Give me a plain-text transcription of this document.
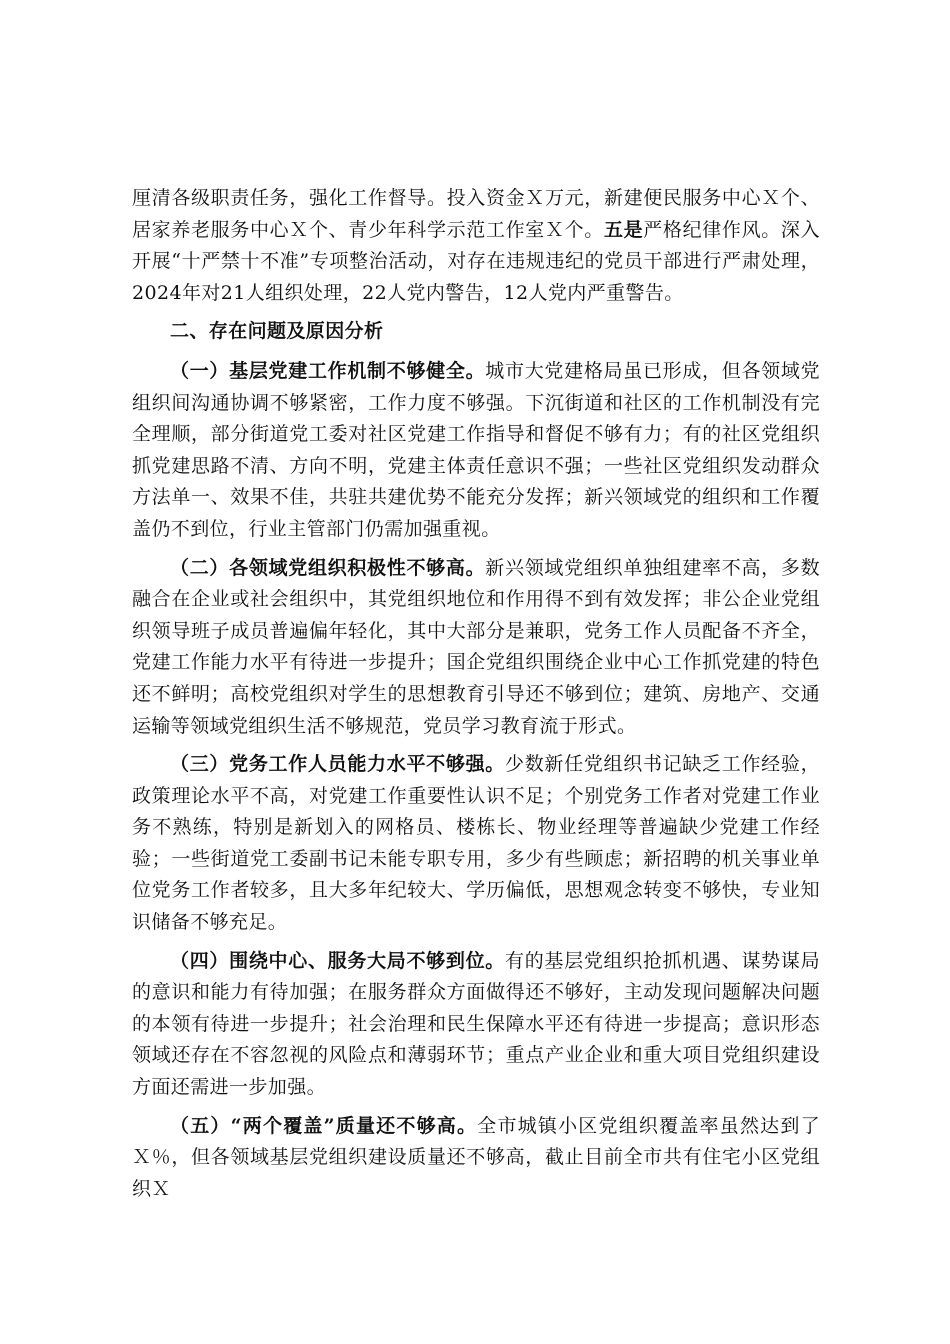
厘清各级职责任务，强化工作督导。投入资金Ｘ万元，新建便民服务中心Ｘ个、居家养老服务中心Ｘ个、青少年科学示范工作室Ｘ个。五是严格纪律作风。深入开展“十严禁十不准”专项整治活动，对存在违规违纪的党员干部进行严肃处理，2024年对21人组织处理，22人党内警告，12人党内严重警告。

二、存在问题及原因分析

（一）基层党建工作机制不够健全。城市大党建格局虽已形成，但各领域党组织间沟通协调不够紧密，工作力度不够强。下沉街道和社区的工作机制没有完全理顺，部分街道党工委对社区党建工作指导和督促不够有力；有的社区党组织抓党建思路不清、方向不明，党建主体责任意识不强；一些社区党组织发动群众方法单一、效果不佳，共驻共建优势不能充分发挥；新兴领域党的组织和工作覆盖仍不到位，行业主管部门仍需加强重视。

（二）各领域党组织积极性不够高。新兴领域党组织单独组建率不高，多数融合在企业或社会组织中，其党组织地位和作用得不到有效发挥；非公企业党组织领导班子成员普遍偏年轻化，其中大部分是兼职，党务工作人员配备不齐全，党建工作能力水平有待进一步提升；国企党组织围绕企业中心工作抓党建的特色还不鲜明；高校党组织对学生的思想教育引导还不够到位；建筑、房地产、交通运输等领域党组织生活不够规范，党员学习教育流于形式。

（三）党务工作人员能力水平不够强。少数新任党组织书记缺乏工作经验，政策理论水平不高，对党建工作重要性认识不足；个别党务工作者对党建工作业务不熟练，特别是新划入的网格员、楼栋长、物业经理等普遍缺少党建工作经验；一些街道党工委副书记未能专职专用，多少有些顾虑；新招聘的机关事业单位党务工作者较多，且大多年纪较大、学历偏低，思想观念转变不够快，专业知识储备不够充足。

（四）围绕中心、服务大局不够到位。有的基层党组织抢抓机遇、谋势谋局的意识和能力有待加强；在服务群众方面做得还不够好，主动发现问题解决问题的本领有待进一步提升；社会治理和民生保障水平还有待进一步提高；意识形态领域还存在不容忽视的风险点和薄弱环节；重点产业企业和重大项目党组织建设方面还需进一步加强。

（五）“两个覆盖”质量还不够高。全市城镇小区党组织覆盖率虽然达到了Ｘ％，但各领域基层党组织建设质量还不够高，截止目前全市共有住宅小区党组织Ｘ
